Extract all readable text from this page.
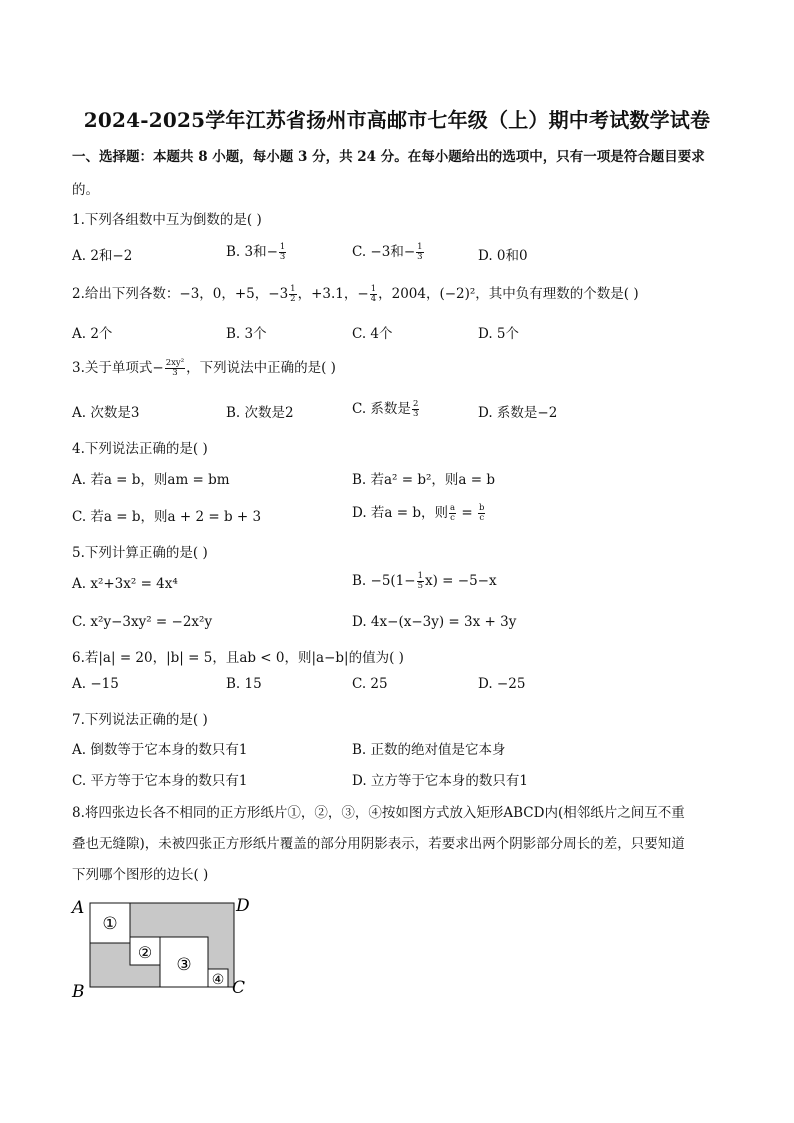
2024-2025学年江苏省扬州市高邮市七年级（上）期中考试数学试卷
一、选择题：本题共 8 小题，每小题 3 分，共 24 分。在每小题给出的选项中，只有一项是符合题目要求
的。
1.下列各组数中互为倒数的是( )
A. 2和−2	B. 3和− $\frac{1}{3}$	C. −3和− $\frac{1}{3}$	D. 0和0
2.给出下列各数：−3，0，+5，$-3 \frac{1}{2}$ ，+3.1，− $\frac{1}{4}$ ，2004，(−2)²，其中负有理数的个数是( )
A. 2个	B. 3个	C. 4个	D. 5个
3.关于单项式− $\frac{\text{2xy²}}{3}$ ，下列说法中正确的是( )
A. 次数是3	B. 次数是2	C. 系数是 $\frac{2}{3}$	D. 系数是−2
4.下列说法正确的是( )
A. 若a = b，则am = bm	B. 若a² = b²，则a = b
C. 若a = b，则a + 2 = b + 3	D. 若a = b，则 $\frac{a}{c} = \frac{b}{c}$
5.下列计算正确的是( )
A. x²+3x² = 4x⁴	B. $-5(1- \frac{1}{5} x) = -5-x$
C. x²y−3xy² = −2x²y	D. 4x−(x−3y) = 3x + 3y
6.若|a| = 20，|b| = 5，且ab < 0，则|a−b|的值为( )
A. −15	B. 15	C. 25	D. −25
7.下列说法正确的是( )
A. 倒数等于它本身的数只有1	B. 正数的绝对值是它本身
C. 平方等于它本身的数只有1	D. 立方等于它本身的数只有1
8.将四张边长各不相同的正方形纸片①，②，③，④按如图方式放入矩形ABCD内(相邻纸片之间互不重
叠也无缝隙)，未被四张正方形纸片覆盖的部分用阴影表示，若要求出两个阴影部分周长的差，只要知道
下列哪个图形的边长( )
①
②
③
④
A
B	C
D
